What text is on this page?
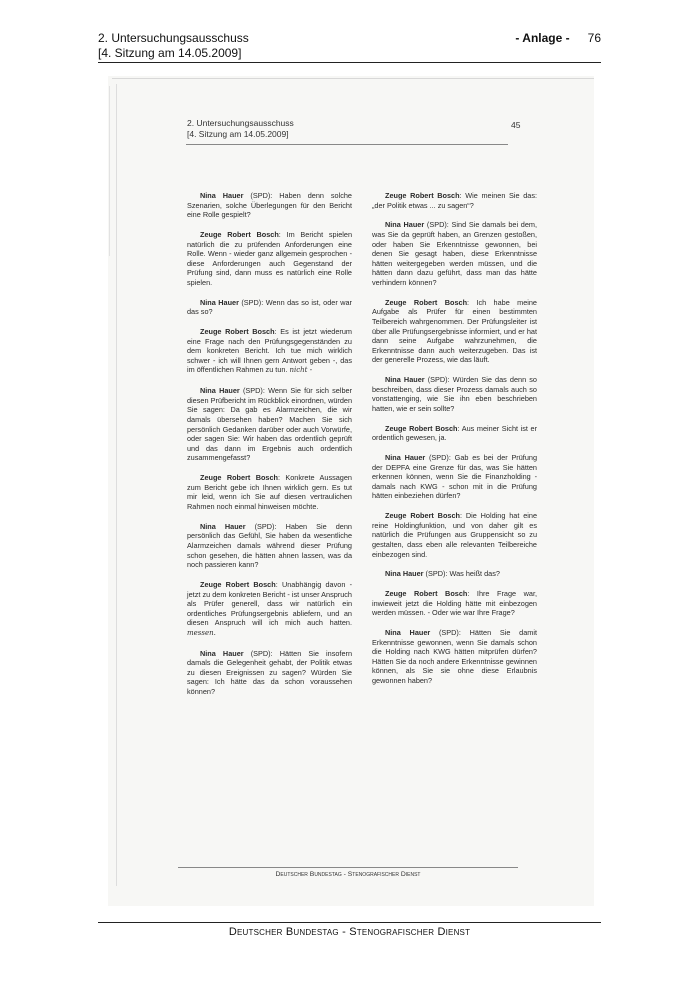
2. Untersuchungsausschuss	- Anlage - 76
[4. Sitzung am 14.05.2009]
2. Untersuchungsausschuss
[4. Sitzung am 14.05.2009]
45

Nina Hauer (SPD): Haben denn solche Szenarien, solche Überlegungen für den Bericht eine Rolle gespielt?

Zeuge Robert Bosch: Im Bericht spielen natürlich die zu prüfenden Anforderungen eine Rolle. Wenn - wieder ganz allgemein gesprochen - diese Anforderungen auch Gegenstand der Prüfung sind, dann muss es natürlich eine Rolle spielen.

Nina Hauer (SPD): Wenn das so ist, oder war das so?

Zeuge Robert Bosch: Es ist jetzt wiederum eine Frage nach den Prüfungsgegenständen zu dem konkreten Bericht. Ich tue mich wirklich schwer - ich will Ihnen gern Antwort geben -, das im öffentlichen Rahmen zu tun. nicht -

Nina Hauer (SPD): Wenn Sie für sich selber diesen Prüfbericht im Rückblick einordnen, würden Sie sagen: Da gab es Alarmzeichen, die wir damals übersehen haben? Machen Sie sich persönlich Gedanken darüber oder auch Vorwürfe, oder sagen Sie: Wir haben das ordentlich geprüft und das dann im Ergebnis auch ordentlich zusammengefasst?

Zeuge Robert Bosch: Konkrete Aussagen zum Bericht gebe ich Ihnen wirklich gern. Es tut mir leid, wenn ich Sie auf diesen vertraulichen Rahmen noch einmal hinweisen möchte.

Nina Hauer (SPD): Haben Sie denn persönlich das Gefühl, Sie haben da wesentliche Alarmzeichen damals während dieser Prüfung schon gesehen, die hätten ahnen lassen, was da noch passieren kann?

Zeuge Robert Bosch: Unabhängig davon - jetzt zu dem konkreten Bericht - ist unser Anspruch als Prüfer generell, dass wir natürlich ein ordentliches Prüfungsergebnis abliefern, und an diesen Anspruch will ich mich auch hatten. messen.

Nina Hauer (SPD): Hätten Sie insofern damals die Gelegenheit gehabt, der Politik etwas zu diesen Ereignissen zu sagen? Würden Sie sagen: Ich hätte das da schon voraussehen können?

Zeuge Robert Bosch: Wie meinen Sie das: „der Politik etwas ... zu sagen“?

Nina Hauer (SPD): Sind Sie damals bei dem, was Sie da geprüft haben, an Grenzen gestoßen, oder haben Sie Erkenntnisse gewonnen, bei denen Sie gesagt haben, diese Erkenntnisse hätten weitergegeben werden müssen, und die hätten dann dazu geführt, dass man das hätte verhindern können?

Zeuge Robert Bosch: Ich habe meine Aufgabe als Prüfer für einen bestimmten Teilbereich wahrgenommen. Der Prüfungsleiter ist über alle Prüfungsergebnisse informiert, und er hat dann seine Aufgabe wahrzunehmen, die Erkenntnisse dann auch weiterzugeben. Das ist der generelle Prozess, wie das läuft.

Nina Hauer (SPD): Würden Sie das denn so beschreiben, dass dieser Prozess damals auch so vonstattenging, wie Sie ihn eben beschrieben hatten, wie er sein sollte?

Zeuge Robert Bosch: Aus meiner Sicht ist er ordentlich gewesen, ja.

Nina Hauer (SPD): Gab es bei der Prüfung der DEPFA eine Grenze für das, was Sie hätten erkennen können, wenn Sie die Finanzholding - damals nach KWG - schon mit in die Prüfung hätten einbeziehen dürfen?

Zeuge Robert Bosch: Die Holding hat eine reine Holdingfunktion, und von daher gilt es natürlich die Prüfungen aus Gruppensicht so zu gestalten, dass eben alle relevanten Teilbereiche einbezogen sind.

Nina Hauer (SPD): Was heißt das?

Zeuge Robert Bosch: Ihre Frage war, inwieweit jetzt die Holding hätte mit einbezogen werden müssen. - Oder wie war Ihre Frage?

Nina Hauer (SPD): Hätten Sie damit Erkenntnisse gewonnen, wenn Sie damals schon die Holding nach KWG hätten mitprüfen dürfen? Hätten Sie da noch andere Erkenntnisse gewinnen können, als Sie sie ohne diese Erlaubnis gewonnen haben?

Deutscher Bundestag - Stenografischer Dienst
Deutscher Bundestag - Stenografischer Dienst
